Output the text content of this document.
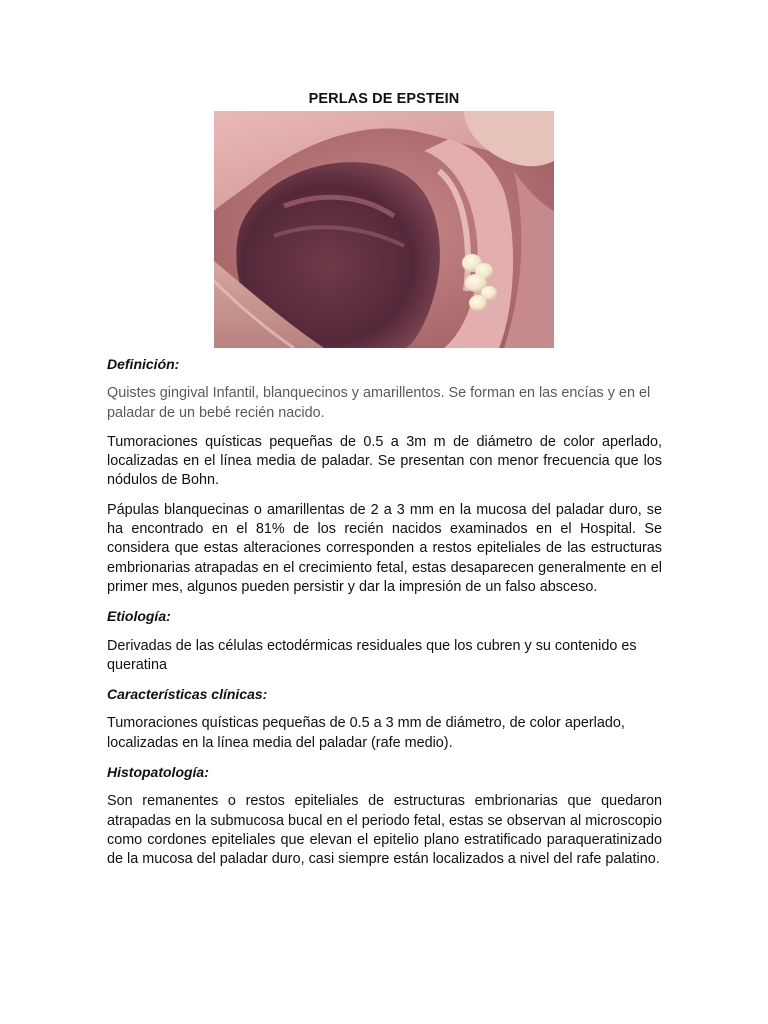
PERLAS DE EPSTEIN

Definición:

Quistes gingival Infantil, blanquecinos y amarillentos. Se forman en las encías y en el paladar de un bebé recién nacido.

Tumoraciones quísticas pequeñas de 0.5 a 3m m de diámetro de color aperlado, localizadas en el línea media de paladar. Se presentan con menor frecuencia que los nódulos de Bohn.

Pápulas blanquecinas o amarillentas de 2 a 3 mm en la mucosa del paladar duro, se ha encontrado en el 81% de los recién nacidos examinados en el Hospital. Se considera que estas alteraciones corresponden a restos epiteliales de las estructuras embrionarias atrapadas en el crecimiento fetal, estas desaparecen generalmente en el primer mes, algunos pueden persistir y dar la impresión de un falso absceso.

Etiología:

Derivadas de las células ectodérmicas residuales que los cubren y su contenido es queratina

Características clínicas:

Tumoraciones quísticas pequeñas de 0.5 a 3 mm de diámetro, de color aperlado, localizadas en la línea media del paladar (rafe medio).

Histopatología:

Son remanentes o restos epiteliales de estructuras embrionarias que quedaron atrapadas en la submucosa bucal en el periodo fetal, estas se observan al microscopio como cordones epiteliales que elevan el epitelio plano estratificado paraqueratinizado de la mucosa del paladar duro, casi siempre están localizados a nivel del rafe palatino.
